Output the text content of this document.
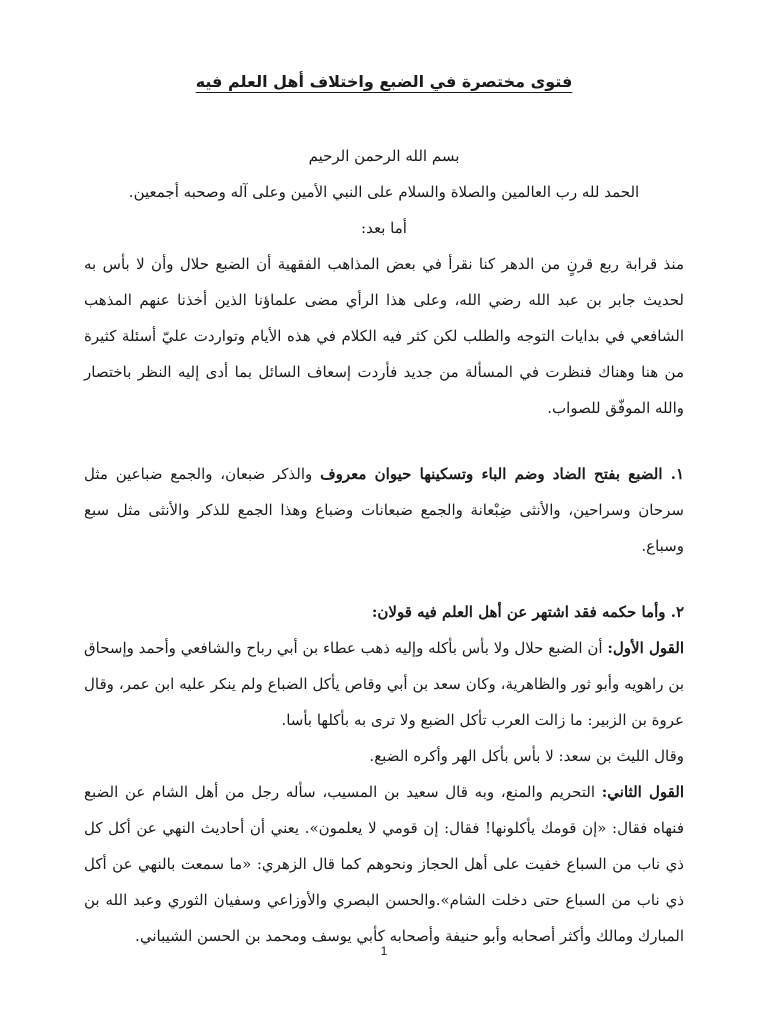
فتوى مختصرة في الضبع واختلاف أهل العلم فيه
بسم الله الرحمن الرحيم
الحمد لله رب العالمين والصلاة والسلام على النبي الأمين وعلى آله وصحبه أجمعين.
أما بعد:
منذ قرابة ربع قرنٍ من الدهر كنا نقرأ في بعض المذاهب الفقهية أن الضبع حلال وأن لا بأس به لحديث جابر بن عبد الله رضي الله، وعلى هذا الرأي مضى علماؤنا الذين أخذنا عنهم المذهب الشافعي في بدايات التوجه والطلب لكن كثر فيه الكلام في هذه الأيام وتواردت عليّ أسئلة كثيرة من هنا وهناك فنظرت في المسألة من جديد فأردت إسعاف السائل بما أدى إليه النظر باختصار والله الموفّق للصواب.
١. الضبع بفتح الضاد وضم الباء وتسكينها حيوان معروف والذكر ضبعان، والجمع ضباعين مثل سرحان وسراحين، والأنثى ضِبْعانة والجمع ضبعانات وضباع وهذا الجمع للذكر والأنثى مثل سبع وسباع.
٢. وأما حكمه فقد اشتهر عن أهل العلم فيه قولان:
القول الأول: أن الضبع حلال ولا بأس بأكله وإليه ذهب عطاء بن أبي رباح والشافعي وأحمد وإسحاق بن راهويه وأبو ثور والظاهرية، وكان سعد بن أبي وقاص يأكل الضباع ولم ينكر عليه ابن عمر، وقال عروة بن الزبير: ما زالت العرب تأكل الضبع ولا ترى به بأكلها بأسا.
وقال الليث بن سعد: لا بأس بأكل الهر وأكره الضبع.
القول الثاني: التحريم والمنع، وبه قال سعيد بن المسيب، سأله رجل من أهل الشام عن الضبع فنهاه فقال: «إن قومك يأكلونها! فقال: إن قومي لا يعلمون». يعني أن أحاديث النهي عن أكل كل ذي ناب من السباع خفيت على أهل الحجاز ونحوهم كما قال الزهري: «ما سمعت بالنهي عن أكل ذي ناب من السباع حتى دخلت الشام».والحسن البصري والأوزاعي وسفيان الثوري وعبد الله بن المبارك ومالك وأكثر أصحابه وأبو حنيفة وأصحابه كأبي يوسف ومحمد بن الحسن الشيباني.
1
